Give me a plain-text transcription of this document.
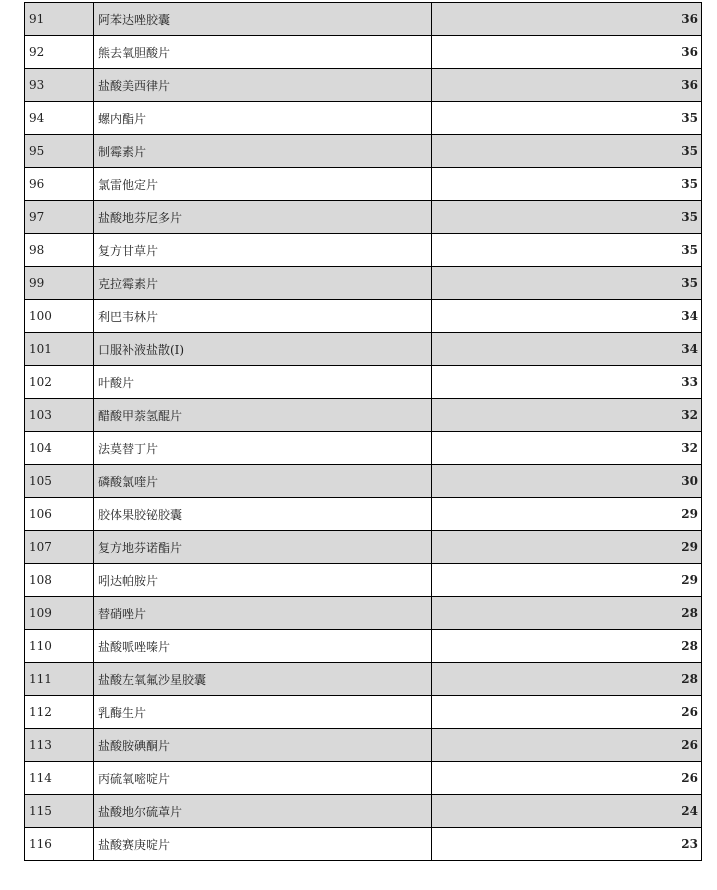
91	阿苯达唑胶囊	36
92	熊去氧胆酸片	36
93	盐酸美西律片	36
94	螺内酯片	35
95	制霉素片	35
96	氯雷他定片	35
97	盐酸地芬尼多片	35
98	复方甘草片	35
99	克拉霉素片	35
100	利巴韦林片	34
101	口服补液盐散(I)	34
102	叶酸片	33
103	醋酸甲萘氢醌片	32
104	法莫替丁片	32
105	磷酸氯喹片	30
106	胶体果胶铋胶囊	29
107	复方地芬诺酯片	29
108	吲达帕胺片	29
109	替硝唑片	28
110	盐酸哌唑嗪片	28
111	盐酸左氧氟沙星胶囊	28
112	乳酶生片	26
113	盐酸胺碘酮片	26
114	丙硫氧嘧啶片	26
115	盐酸地尔硫䓬片	24
116	盐酸赛庚啶片	23
